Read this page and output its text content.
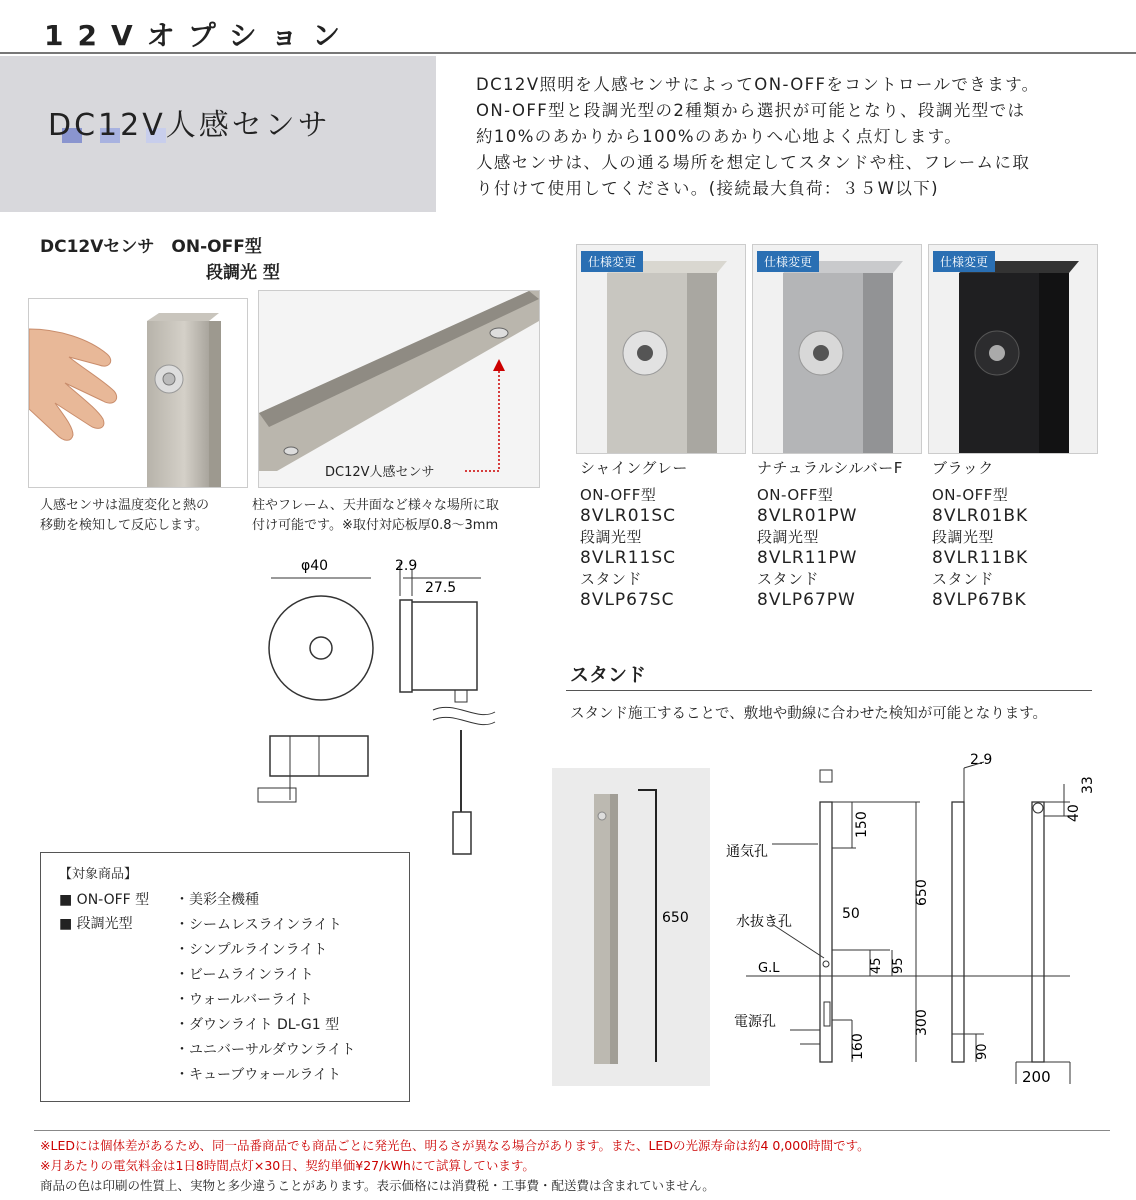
12Vオプション
DC12V人感センサ
DC12V照明を人感センサによってON-OFFをコントロールできます。
ON-OFF型と段調光型の2種類から選択が可能となり、段調光型では
約10%のあかりから100%のあかりへ心地よく点灯します。
人感センサは、人の通る場所を想定してスタンドや柱、フレームに取
り付けて使用してください。(接続最大負荷：３５W以下)
DC12Vセンサ　ON-OFF型
段調光 型
人感センサは温度変化と熱の
移動を検知して反応します。
DC12V人感センサ
柱やフレーム、天井面など様々な場所に取
付け可能です。※取付対応板厚0.8〜3mm
φ40	2.9
27.5
仕様変更	仕様変更	仕様変更
シャイングレー
ON-OFF型
8VLR01SC
段調光型
8VLR11SC
スタンド
8VLP67SC
ナチュラルシルバーF
ON-OFF型
8VLR01PW
段調光型
8VLR11PW
スタンド
8VLP67PW
ブラック
ON-OFF型
8VLR01BK
段調光型
8VLR11BK
スタンド
8VLP67BK
スタンド
スタンド施工することで、敷地や動線に合わせた検知が可能となります。
650
通気孔
水抜き孔
G.L
電源孔
50
150
650
45 95
300
160
2.9
90
40
33
200
【対象商品】
■ ON-OFF 型
■ 段調光型
・美彩全機種
・シームレスラインライト
・シンプルラインライト
・ビームラインライト
・ウォールバーライト
・ダウンライト DL-G1 型
・ユニバーサルダウンライト
・キューブウォールライト
※LEDには個体差があるため、同一品番商品でも商品ごとに発光色、明るさが異なる場合があります。また、LEDの光源寿命は約4 0,000時間です。
※月あたりの電気料金は1日8時間点灯×30日、契約単価¥27/kWhにて試算しています。
商品の色は印刷の性質上、実物と多少違うことがあります。表示価格には消費税・工事費・配送費は含まれていません。
